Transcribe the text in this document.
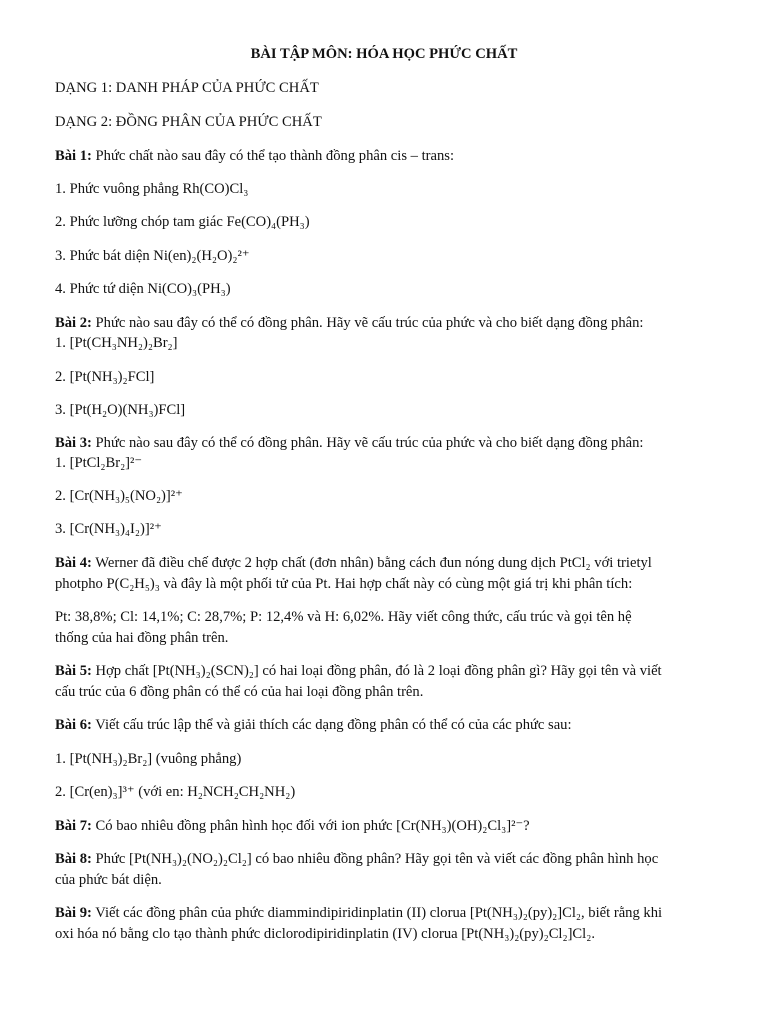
BÀI TẬP MÔN: HÓA HỌC PHỨC CHẤT
DẠNG 1: DANH PHÁP CỦA PHỨC CHẤT
DẠNG 2: ĐỒNG PHÂN CỦA PHỨC CHẤT
Bài 1: Phức chất nào sau đây có thể tạo thành đồng phân cis – trans:
1. Phức vuông phẳng Rh(CO)Cl₃
2. Phức lưỡng chóp tam giác Fe(CO)₄(PH₃)
3. Phức bát diện Ni(en)₂(H₂O)₂²⁺
4. Phức tứ diện Ni(CO)₃(PH₃)
Bài 2: Phức nào sau đây có thể có đồng phân. Hãy vẽ cấu trúc của phức và cho biết dạng đồng phân:
1. [Pt(CH₃NH₂)₂Br₂]
2. [Pt(NH₃)₂FCl]
3. [Pt(H₂O)(NH₃)FCl]
Bài 3: Phức nào sau đây có thể có đồng phân. Hãy vẽ cấu trúc của phức và cho biết dạng đồng phân:
1. [PtCl₂Br₂]²⁻
2. [Cr(NH₃)₅(NO₂)]²⁺
3. [Cr(NH₃)₄I₂)]²⁺
Bài 4: Werner đã điều chế được 2 hợp chất (đơn nhân) bằng cách đun nóng dung dịch PtCl₂ với trietyl
photpho P(C₂H₅)₃ và đây là một phối tử của Pt. Hai hợp chất này có cùng một giá trị khi phân tích:
Pt: 38,8%; Cl: 14,1%; C: 28,7%; P: 12,4% và H: 6,02%. Hãy viết công thức, cấu trúc và gọi tên hệ
thống của hai đồng phân trên.
Bài 5: Hợp chất [Pt(NH₃)₂(SCN)₂] có hai loại đồng phân, đó là 2 loại đồng phân gì? Hãy gọi tên và viết
cấu trúc của 6 đồng phân có thể có của hai loại đồng phân trên.
Bài 6: Viết cấu trúc lập thể và giải thích các dạng đồng phân có thể có của các phức sau:
1. [Pt(NH₃)₂Br₂] (vuông phẳng)
2. [Cr(en)₃]³⁺ (với en: H₂NCH₂CH₂NH₂)
Bài 7: Có bao nhiêu đồng phân hình học đối với ion phức [Cr(NH₃)(OH)₂Cl₃]²⁻?
Bài 8: Phức [Pt(NH₃)₂(NO₂)₂Cl₂] có bao nhiêu đồng phân? Hãy gọi tên và viết các đồng phân hình học
của phức bát diện.
Bài 9: Viết các đồng phân của phức diammindipiridinplatin (II) clorua [Pt(NH₃)₂(py)₂]Cl₂, biết rằng khi
oxi hóa nó bằng clo tạo thành phức diclorodipiridinplatin (IV) clorua [Pt(NH₃)₂(py)₂Cl₂]Cl₂.
